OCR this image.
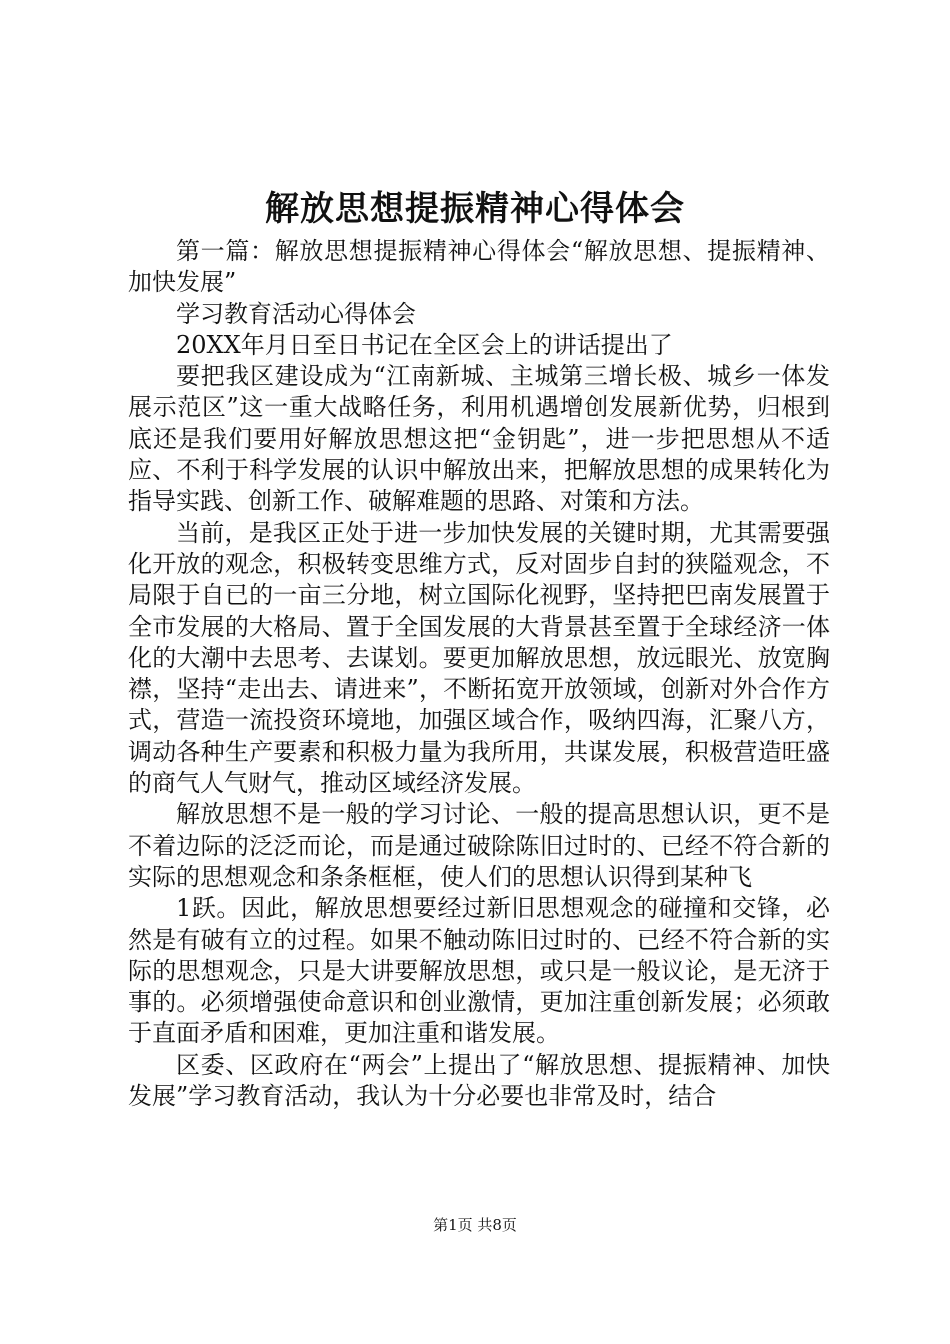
解放思想提振精神心得体会

第一篇：解放思想提振精神心得体会“解放思想、提振精神、加快发展”

学习教育活动心得体会

20XX年月日至日书记在全区会上的讲话提出了

要把我区建设成为“江南新城、主城第三增长极、城乡一体发展示范区”这一重大战略任务，利用机遇增创发展新优势，归根到底还是我们要用好解放思想这把“金钥匙”，进一步把思想从不适应、不利于科学发展的认识中解放出来，把解放思想的成果转化为指导实践、创新工作、破解难题的思路、对策和方法。

当前，是我区正处于进一步加快发展的关键时期，尤其需要强化开放的观念，积极转变思维方式，反对固步自封的狭隘观念，不局限于自已的一亩三分地，树立国际化视野，坚持把巴南发展置于全市发展的大格局、置于全国发展的大背景甚至置于全球经济一体化的大潮中去思考、去谋划。要更加解放思想，放远眼光、放宽胸襟，坚持“走出去、请进来”，不断拓宽开放领域，创新对外合作方式，营造一流投资环境地，加强区域合作，吸纳四海，汇聚八方，调动各种生产要素和积极力量为我所用，共谋发展，积极营造旺盛的商气人气财气，推动区域经济发展。

解放思想不是一般的学习讨论、一般的提高思想认识，更不是不着边际的泛泛而论，而是通过破除陈旧过时的、已经不符合新的实际的思想观念和条条框框，使人们的思想认识得到某种飞

1跃。因此，解放思想要经过新旧思想观念的碰撞和交锋，必然是有破有立的过程。如果不触动陈旧过时的、已经不符合新的实际的思想观念，只是大讲要解放思想，或只是一般议论，是无济于事的。必须增强使命意识和创业激情，更加注重创新发展；必须敢于直面矛盾和困难，更加注重和谐发展。

区委、区政府在“两会”上提出了“解放思想、提振精神、加快发展”学习教育活动，我认为十分必要也非常及时，结合

第1页 共8页
